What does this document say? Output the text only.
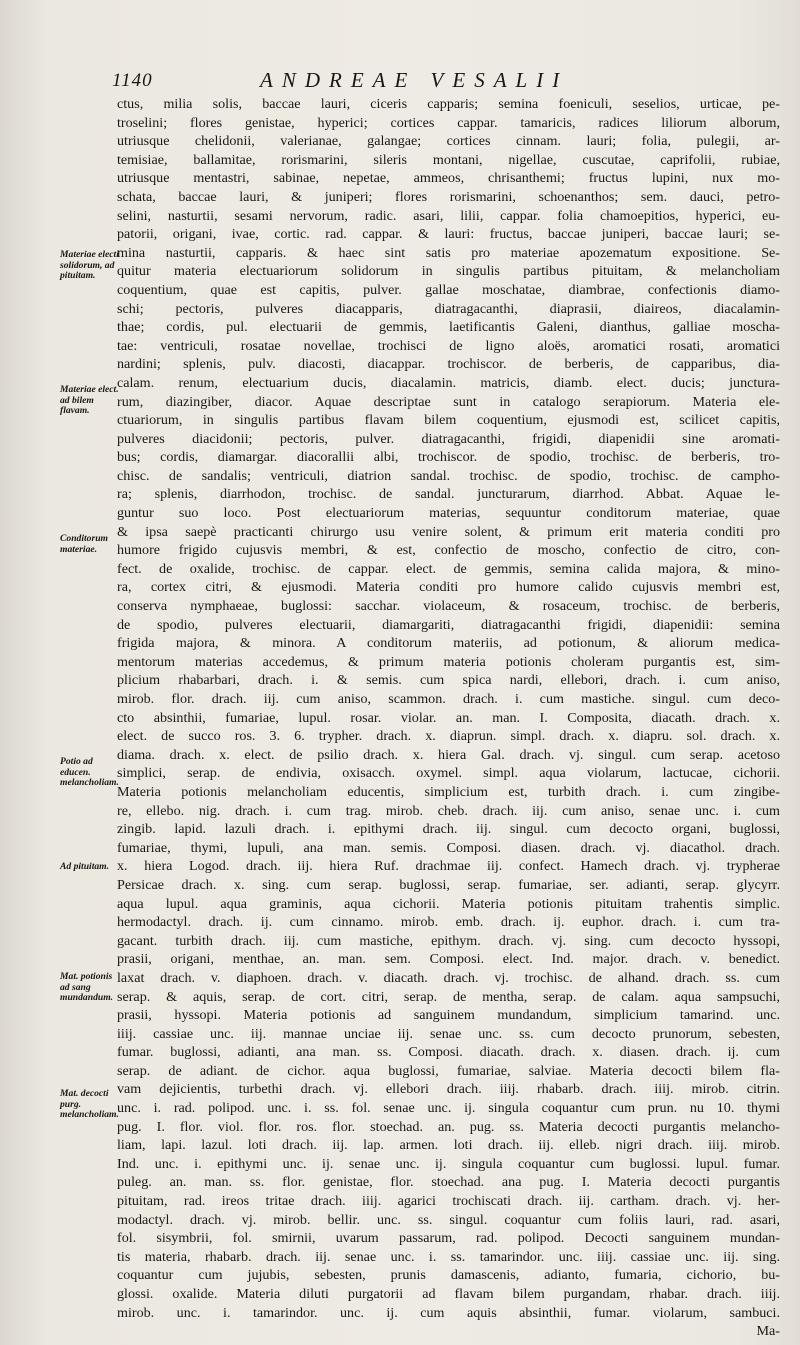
1140	ANDREAE VESALII
Materiae electi solidorum, ad pituitam.
Materiae elect. ad bilem flavam.
Conditorum materiae.
Potio ad educen. melancholiam.
Ad pituitam.
Mat. potionis ad sang mundandum.
Mat. decocti purg. melancholiam.
ctus, milia solis, baccae lauri, ciceris capparis; semina foeniculi, seselios, urticae, pe-
troselini; flores genistae, hyperici; cortices cappar. tamaricis, radices liliorum alborum,
utriusque chelidonii, valerianae, galangae; cortices cinnam. lauri; folia, pulegii, ar-
temisiae, ballamitae, rorismarini, sileris montani, nigellae, cuscutae, caprifolii, rubiae,
utriusque mentastri, sabinae, nepetae, ammeos, chrisanthemi; fructus lupini, nux mo-
schata, baccae lauri, & juniperi; flores rorismarini, schoenanthos; sem. dauci, petro-
selini, nasturtii, sesami nervorum, radic. asari, lilii, cappar. folia chamoepitios, hyperici, eu-
patorii, origani, ivae, cortic. rad. cappar. & lauri: fructus, baccae juniperi, baccae lauri; se-
mina nasturtii, capparis. & haec sint satis pro materiae apozematum expositione. Se-
quitur materia electuariorum solidorum in singulis partibus pituitam, & melancholiam
coquentium, quae est capitis, pulver. gallae moschatae, diambrae, confectionis diamo-
schi; pectoris, pulveres diacapparis, diatragacanthi, diaprasii, diaireos, diacalamin-
thae; cordis, pul. electuarii de gemmis, laetificantis Galeni, dianthus, galliae moscha-
tae: ventriculi, rosatae novellae, trochisci de ligno aloës, aromatici rosati, aromatici
nardini; splenis, pulv. diacosti, diacappar. trochiscor. de berberis, de capparibus, dia-
calam. renum, electuarium ducis, diacalamin. matricis, diamb. elect. ducis; junctura-
rum, diazingiber, diacor. Aquae descriptae sunt in catalogo serapiorum. Materia ele-
ctuariorum, in singulis partibus flavam bilem coquentium, ejusmodi est, scilicet capitis,
pulveres diacidonii; pectoris, pulver. diatragacanthi, frigidi, diapenidii sine aromati-
bus; cordis, diamargar. diacorallii albi, trochiscor. de spodio, trochisc. de berberis, tro-
chisc. de sandalis; ventriculi, diatrion sandal. trochisc. de spodio, trochisc. de campho-
ra; splenis, diarrhodon, trochisc. de sandal. juncturarum, diarrhod. Abbat. Aquae le-
guntur suo loco. Post electuariorum materias, sequuntur conditorum materiae, quae
& ipsa saepè practicanti chirurgo usu venire solent, & primum erit materia conditi pro
humore frigido cujusvis membri, & est, confectio de moscho, confectio de citro, con-
fect. de oxalide, trochisc. de cappar. elect. de gemmis, semina calida majora, & mino-
ra, cortex citri, & ejusmodi. Materia conditi pro humore calido cujusvis membri est,
conserva nymphaeae, buglossi: sacchar. violaceum, & rosaceum, trochisc. de berberis,
de spodio, pulveres electuarii, diamargariti, diatragacanthi frigidi, diapenidii: semina
frigida majora, & minora. A conditorum materiis, ad potionum, & aliorum medica-
mentorum materias accedemus, & primum materia potionis choleram purgantis est, sim-
plicium rhabarbari, drach. i. & semis. cum spica nardi, ellebori, drach. i. cum aniso,
mirob. flor. drach. iij. cum aniso, scammon. drach. i. cum mastiche. singul. cum deco-
cto absinthii, fumariae, lupul. rosar. violar. an. man. I. Composita, diacath. drach. x.
elect. de succo ros. 3. 6. trypher. drach. x. diaprun. simpl. drach. x. diapru. sol. drach. x.
diama. drach. x. elect. de psilio drach. x. hiera Gal. drach. vj. singul. cum serap. acetoso
simplici, serap. de endivia, oxisacch. oxymel. simpl. aqua violarum, lactucae, cichorii.
Materia potionis melancholiam educentis, simplicium est, turbith drach. i. cum zingibe-
re, ellebo. nig. drach. i. cum trag. mirob. cheb. drach. iij. cum aniso, senae unc. i. cum
zingib. lapid. lazuli drach. i. epithymi drach. iij. singul. cum decocto organi, buglossi,
fumariae, thymi, lupuli, ana man. semis. Composi. diasen. drach. vj. diacathol. drach.
x. hiera Logod. drach. iij. hiera Ruf. drachmae iij. confect. Hamech drach. vj. trypherae
Persicae drach. x. sing. cum serap. buglossi, serap. fumariae, ser. adianti, serap. glycyrr.
aqua lupul. aqua graminis, aqua cichorii. Materia potionis pituitam trahentis simplic.
hermodactyl. drach. ij. cum cinnamo. mirob. emb. drach. ij. euphor. drach. i. cum tra-
gacant. turbith drach. iij. cum mastiche, epithym. drach. vj. sing. cum decocto hyssopi,
prasii, origani, menthae, an. man. sem. Composi. elect. Ind. major. drach. v. benedict.
laxat drach. v. diaphoen. drach. v. diacath. drach. vj. trochisc. de alhand. drach. ss. cum
serap. & aquis, serap. de cort. citri, serap. de mentha, serap. de calam. aqua sampsuchi,
prasii, hyssopi. Materia potionis ad sanguinem mundandum, simplicium tamarind. unc.
iiij. cassiae unc. iij. mannae unciae iij. senae unc. ss. cum decocto prunorum, sebesten,
fumar. buglossi, adianti, ana man. ss. Composi. diacath. drach. x. diasen. drach. ij. cum
serap. de adiant. de cichor. aqua buglossi, fumariae, salviae. Materia decocti bilem fla-
vam dejicientis, turbethi drach. vj. ellebori drach. iiij. rhabarb. drach. iiij. mirob. citrin.
unc. i. rad. polipod. unc. i. ss. fol. senae unc. ij. singula coquantur cum prun. nu 10. thymi
pug. I. flor. viol. flor. ros. flor. stoechad. an. pug. ss. Materia decocti purgantis melancho-
liam, lapi. lazul. loti drach. iij. lap. armen. loti drach. iij. elleb. nigri drach. iiij. mirob.
Ind. unc. i. epithymi unc. ij. senae unc. ij. singula coquantur cum buglossi. lupul. fumar.
puleg. an. man. ss. flor. genistae, flor. stoechad. ana pug. I. Materia decocti purgantis
pituitam, rad. ireos tritae drach. iiij. agarici trochiscati drach. iij. cartham. drach. vj. her-
modactyl. drach. vj. mirob. bellir. unc. ss. singul. coquantur cum foliis lauri, rad. asari,
fol. sisymbrii, fol. smirnii, uvarum passarum, rad. polipod. Decocti sanguinem mundan-
tis materia, rhabarb. drach. iij. senae unc. i. ss. tamarindor. unc. iiij. cassiae unc. iij. sing.
coquantur cum jujubis, sebesten, prunis damascenis, adianto, fumaria, cichorio, bu-
glossi. oxalide. Materia diluti purgatorii ad flavam bilem purgandam, rhabar. drach. iiij.
mirob. unc. i. tamarindor. unc. ij. cum aquis absinthii, fumar. violarum, sambuci.
Ma-
